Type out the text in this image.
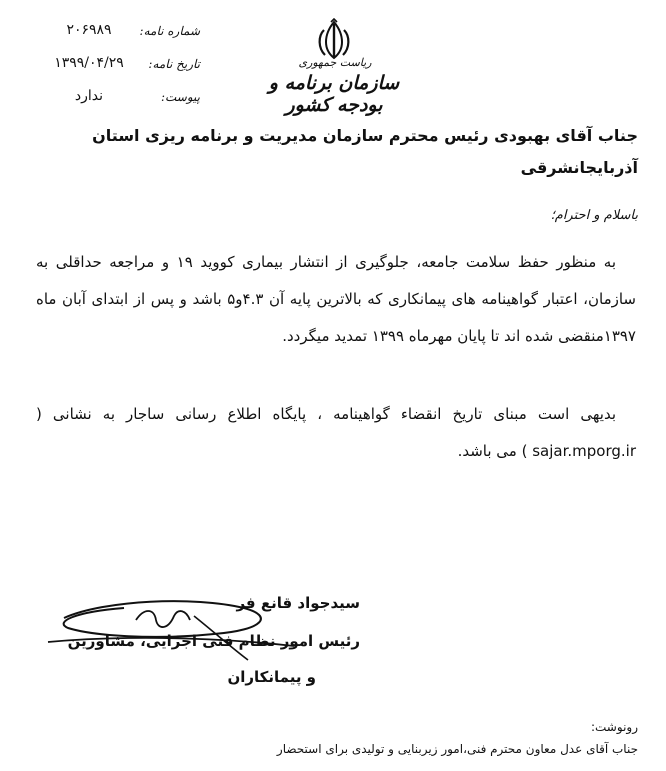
ریاست جمهوری
سازمان برنامه و بودجه کشور
شماره نامه:
۲۰۶۹۸۹
تاریخ نامه:
۱۳۹۹/۰۴/۲۹
پیوست:
ندارد
جناب آقای بهبودی رئیس محترم سازمان مدیریت و برنامه ریزی استان
آذربایجانشرقی
باسلام و احترام؛
به منظور حفظ سلامت جامعه، جلوگیری از انتشار بیماری کووید ۱۹ و مراجعه حداقلی به سازمان، اعتبار گواهینامه های پیمانکاری که بالاترین پایه آن ۴.۳و۵ باشد و پس از ابتدای آبان ماه ۱۳۹۷منقضی شده اند تا پایان مهرماه ۱۳۹۹ تمدید میگردد.
بدیهی است مبنای تاریخ انقضاء گواهینامه ، پایگاه اطلاع رسانی ساجار به نشانی ( sajar.mporg.ir ) می باشد.
سیدجواد قانع فر
رئیس امور نظام فنی اجرایی، مشاورین
و پیمانکاران
رونوشت:
جناب آقای عدل معاون محترم فنی،امور زیربنایی و تولیدی برای استحضار
